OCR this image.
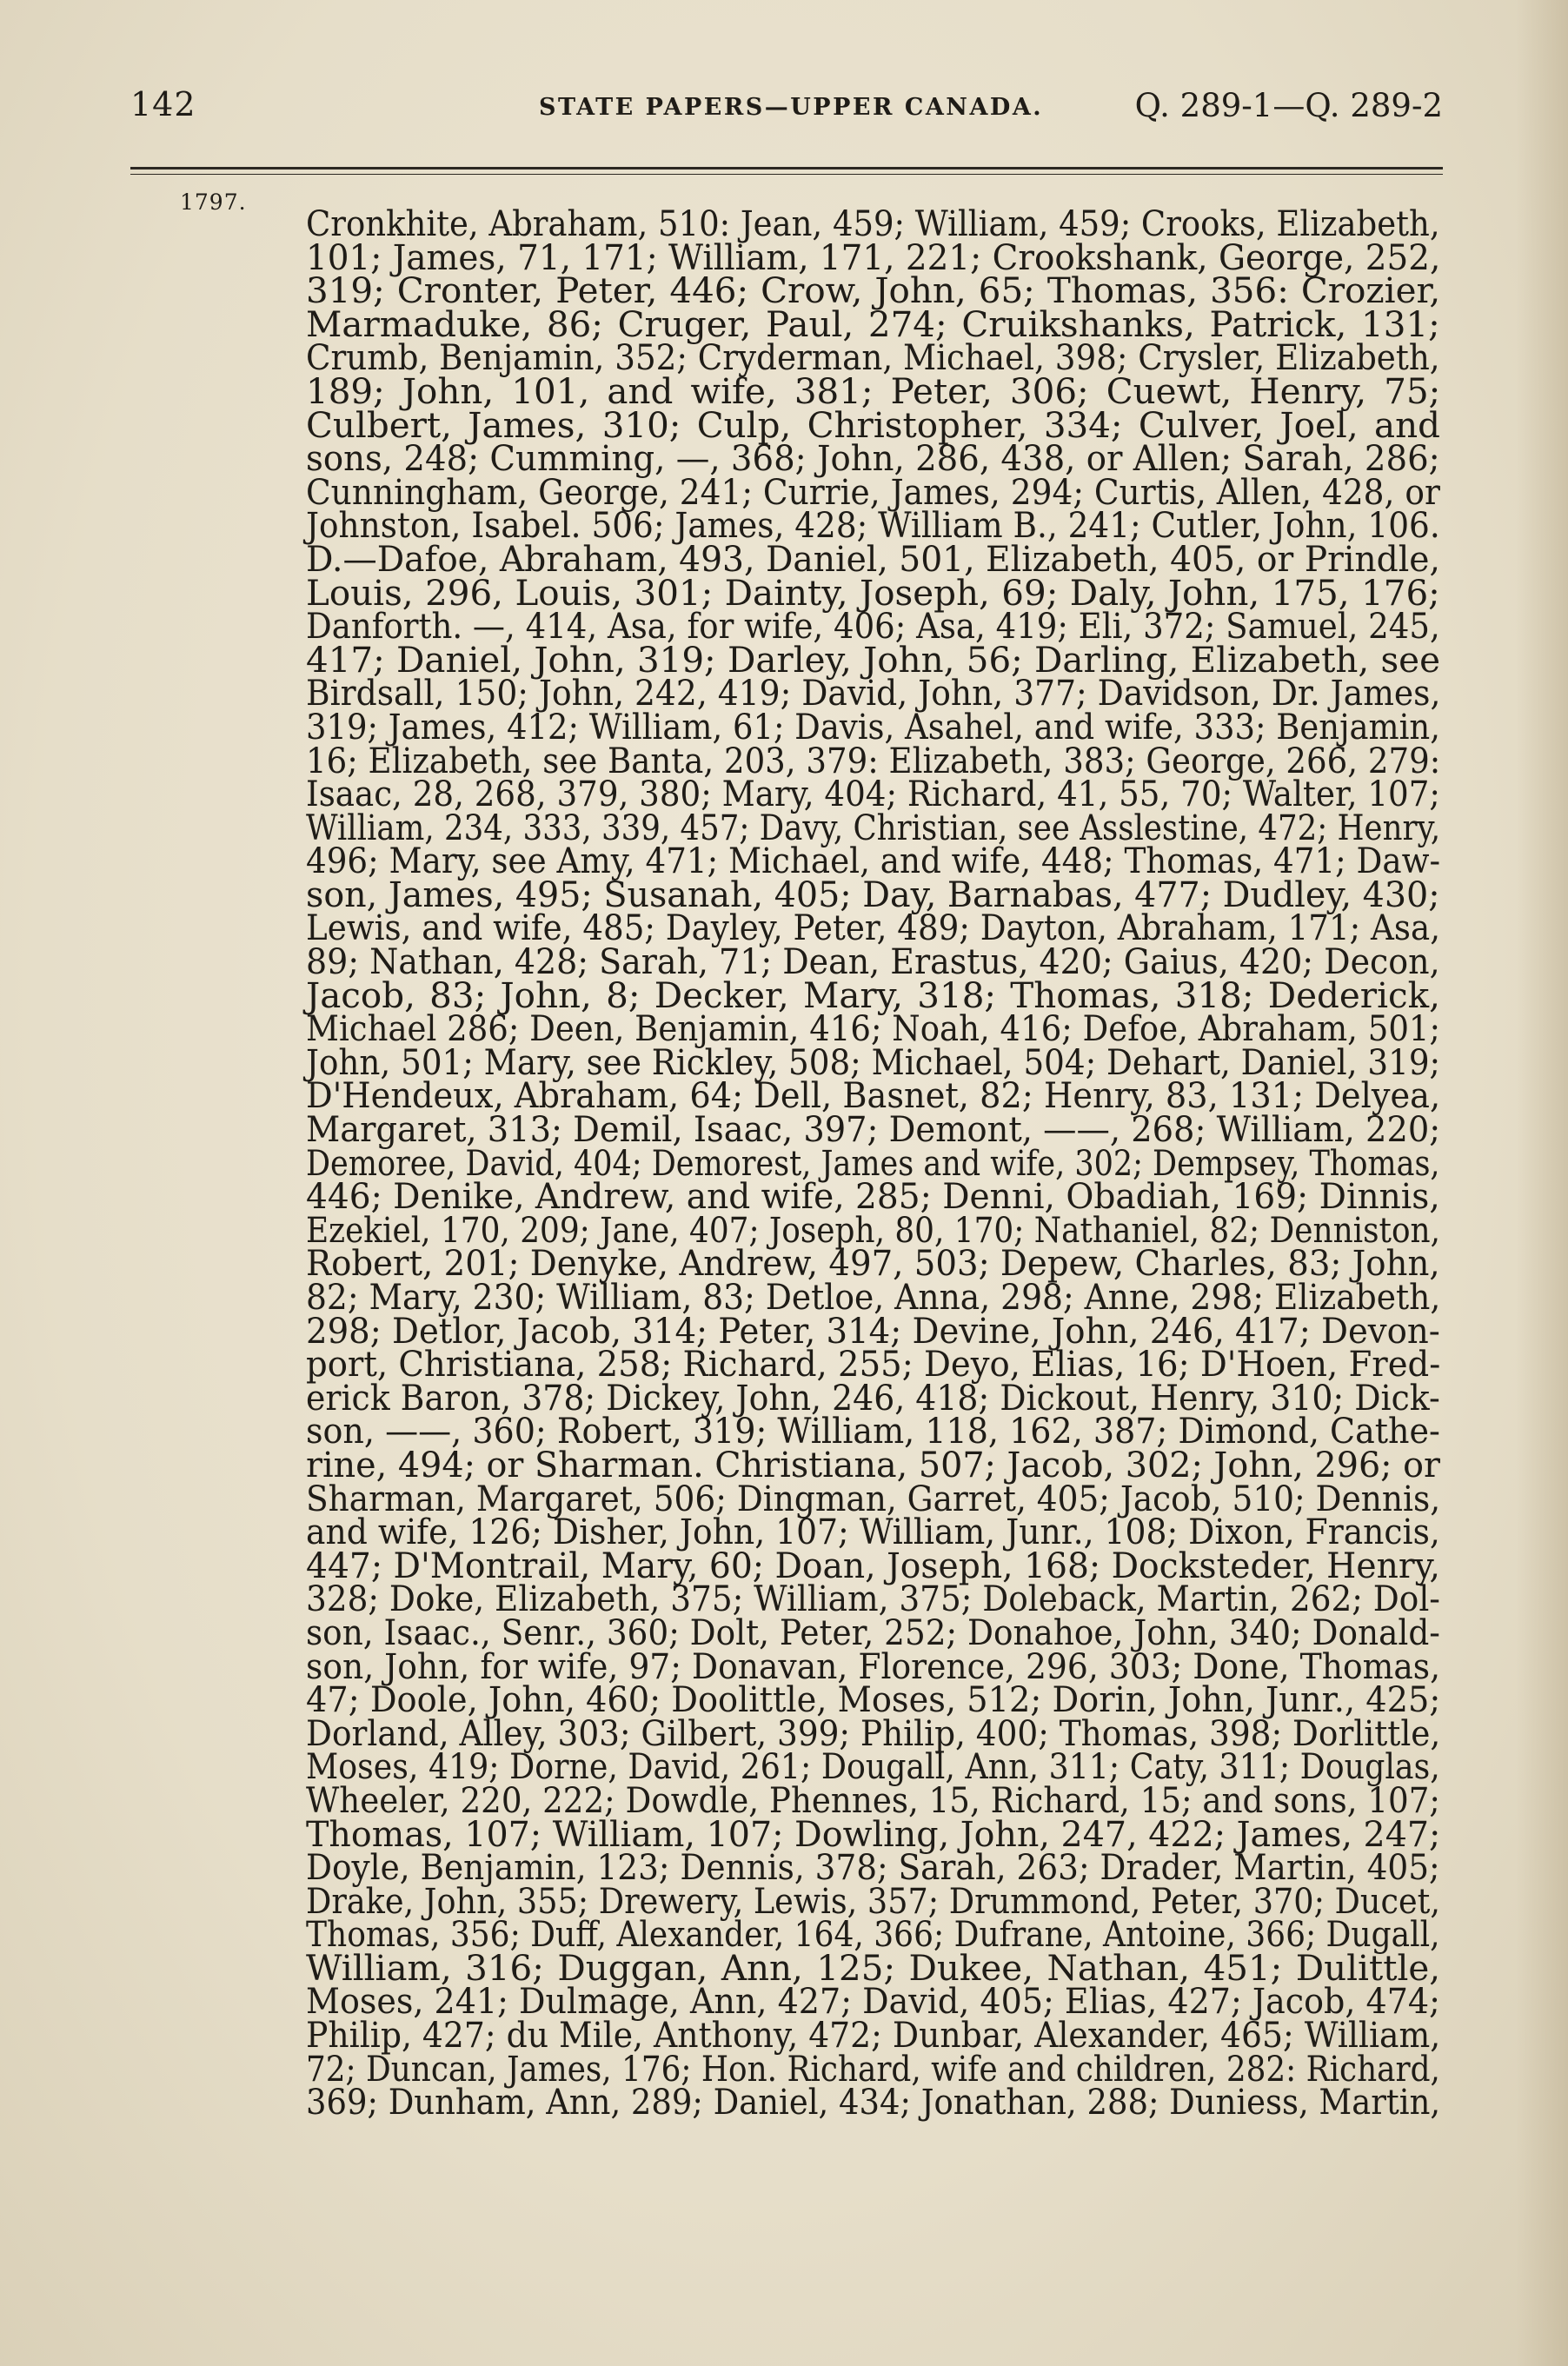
142	STATE PAPERS—UPPER CANADA.	Q. 289-1—Q. 289-2
1797.
Cronkhite, Abraham, 510: Jean, 459; William, 459; Crooks, Elizabeth,
101; James, 71, 171; William, 171, 221; Crookshank, George, 252,
319; Cronter, Peter, 446; Crow, John, 65; Thomas, 356: Crozier,
Marmaduke, 86; Cruger, Paul, 274; Cruikshanks, Patrick, 131;
Crumb, Benjamin, 352; Cryderman, Michael, 398; Crysler, Elizabeth,
189; John, 101, and wife, 381; Peter, 306; Cuewt, Henry, 75;
Culbert, James, 310; Culp, Christopher, 334; Culver, Joel, and
sons, 248; Cumming, —, 368; John, 286, 438, or Allen; Sarah, 286;
Cunningham, George, 241; Currie, James, 294; Curtis, Allen, 428, or
Johnston, Isabel. 506; James, 428; William B., 241; Cutler, John, 106.
D.—Dafoe, Abraham, 493, Daniel, 501, Elizabeth, 405, or Prindle,
Louis, 296, Louis, 301; Dainty, Joseph, 69; Daly, John, 175, 176;
Danforth. —, 414, Asa, for wife, 406; Asa, 419; Eli, 372; Samuel, 245,
417; Daniel, John, 319; Darley, John, 56; Darling, Elizabeth, see
Birdsall, 150; John, 242, 419; David, John, 377; Davidson, Dr. James,
319; James, 412; William, 61; Davis, Asahel, and wife, 333; Benjamin,
16; Elizabeth, see Banta, 203, 379: Elizabeth, 383; George, 266, 279:
Isaac, 28, 268, 379, 380; Mary, 404; Richard, 41, 55, 70; Walter, 107;
William, 234, 333, 339, 457; Davy, Christian, see Asslestine, 472; Henry,
496; Mary, see Amy, 471; Michael, and wife, 448; Thomas, 471; Daw-
son, James, 495; Susanah, 405; Day, Barnabas, 477; Dudley, 430;
Lewis, and wife, 485; Dayley, Peter, 489; Dayton, Abraham, 171; Asa,
89; Nathan, 428; Sarah, 71; Dean, Erastus, 420; Gaius, 420; Decon,
Jacob, 83; John, 8; Decker, Mary, 318; Thomas, 318; Dederick,
Michael 286; Deen, Benjamin, 416; Noah, 416; Defoe, Abraham, 501;
John, 501; Mary, see Rickley, 508; Michael, 504; Dehart, Daniel, 319;
D'Hendeux, Abraham, 64; Dell, Basnet, 82; Henry, 83, 131; Delyea,
Margaret, 313; Demil, Isaac, 397; Demont, ——, 268; William, 220;
Demoree, David, 404; Demorest, James and wife, 302; Dempsey, Thomas,
446; Denike, Andrew, and wife, 285; Denni, Obadiah, 169; Dinnis,
Ezekiel, 170, 209; Jane, 407; Joseph, 80, 170; Nathaniel, 82; Denniston,
Robert, 201; Denyke, Andrew, 497, 503; Depew, Charles, 83; John,
82; Mary, 230; William, 83; Detloe, Anna, 298; Anne, 298; Elizabeth,
298; Detlor, Jacob, 314; Peter, 314; Devine, John, 246, 417; Devon-
port, Christiana, 258; Richard, 255; Deyo, Elias, 16; D'Hoen, Fred-
erick Baron, 378; Dickey, John, 246, 418; Dickout, Henry, 310; Dick-
son, ——, 360; Robert, 319; William, 118, 162, 387; Dimond, Cathe-
rine, 494; or Sharman. Christiana, 507; Jacob, 302; John, 296; or
Sharman, Margaret, 506; Dingman, Garret, 405; Jacob, 510; Dennis,
and wife, 126; Disher, John, 107; William, Junr., 108; Dixon, Francis,
447; D'Montrail, Mary, 60; Doan, Joseph, 168; Docksteder, Henry,
328; Doke, Elizabeth, 375; William, 375; Doleback, Martin, 262; Dol-
son, Isaac., Senr., 360; Dolt, Peter, 252; Donahoe, John, 340; Donald-
son, John, for wife, 97; Donavan, Florence, 296, 303; Done, Thomas,
47; Doole, John, 460; Doolittle, Moses, 512; Dorin, John, Junr., 425;
Dorland, Alley, 303; Gilbert, 399; Philip, 400; Thomas, 398; Dorlittle,
Moses, 419; Dorne, David, 261; Dougall, Ann, 311; Caty, 311; Douglas,
Wheeler, 220, 222; Dowdle, Phennes, 15, Richard, 15; and sons, 107;
Thomas, 107; William, 107; Dowling, John, 247, 422; James, 247;
Doyle, Benjamin, 123; Dennis, 378; Sarah, 263; Drader, Martin, 405;
Drake, John, 355; Drewery, Lewis, 357; Drummond, Peter, 370; Ducet,
Thomas, 356; Duff, Alexander, 164, 366; Dufrane, Antoine, 366; Dugall,
William, 316; Duggan, Ann, 125; Dukee, Nathan, 451; Dulittle,
Moses, 241; Dulmage, Ann, 427; David, 405; Elias, 427; Jacob, 474;
Philip, 427; du Mile, Anthony, 472; Dunbar, Alexander, 465; William,
72; Duncan, James, 176; Hon. Richard, wife and children, 282: Richard,
369; Dunham, Ann, 289; Daniel, 434; Jonathan, 288; Duniess, Martin,
